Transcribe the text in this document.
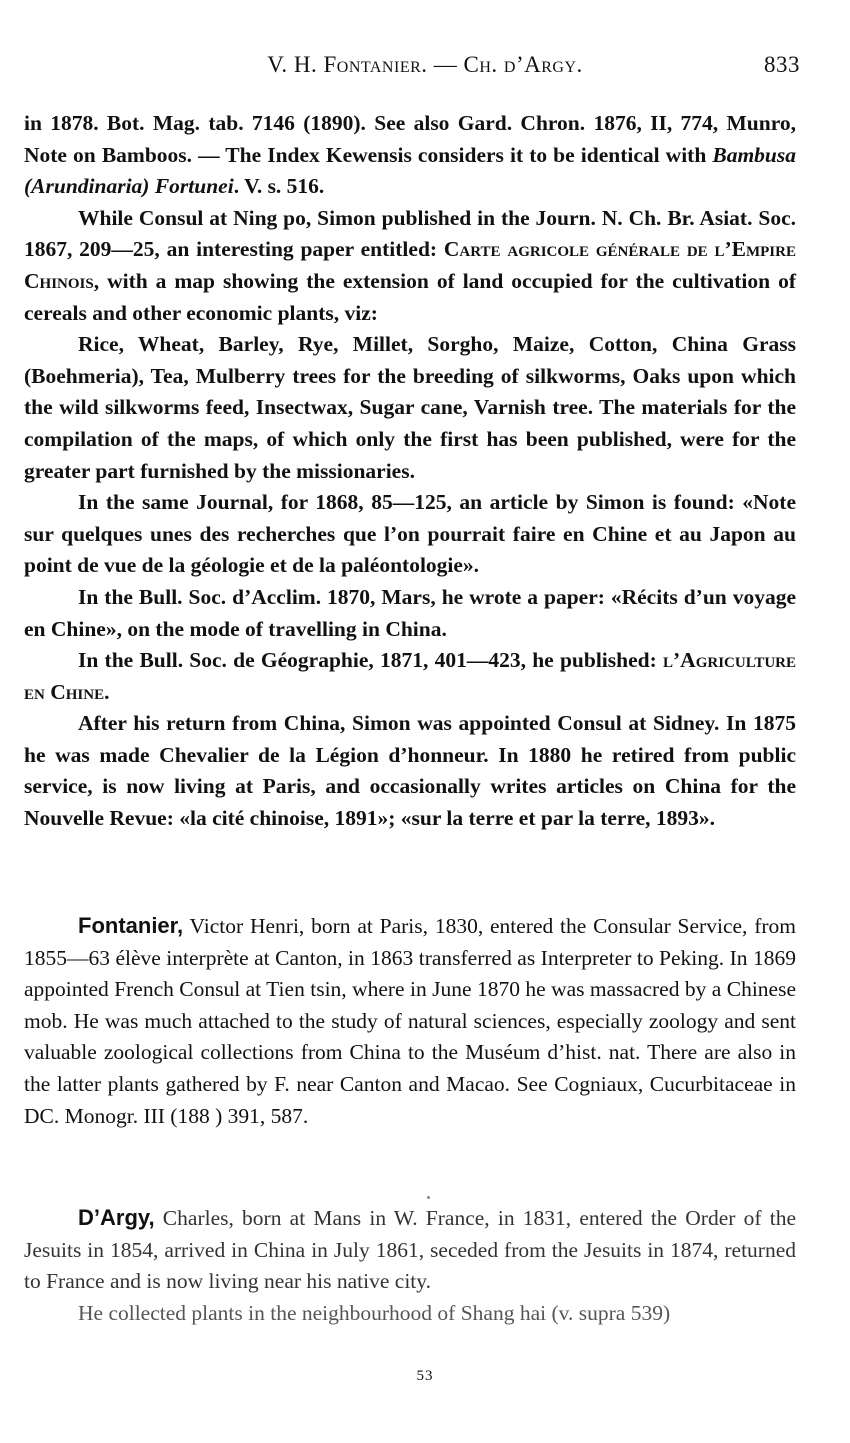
V. H. Fontanier. — Ch. d’Argy.	833

in 1878. Bot. Mag. tab. 7146 (1890). See also Gard. Chron. 1876, II, 774, Munro, Note on Bamboos. — The Index Kewensis considers it to be identical with Bambusa (Arundinaria) Fortunei. V. s. 516.

While Consul at Ning po, Simon published in the Journ. N. Ch. Br. Asiat. Soc. 1867, 209—25, an interesting paper entitled: Carte agricole générale de l’Empire Chinois, with a map showing the extension of land occupied for the cultivation of cereals and other economic plants, viz:

Rice, Wheat, Barley, Rye, Millet, Sorgho, Maize, Cotton, China Grass (Boehmeria), Tea, Mulberry trees for the breeding of silkworms, Oaks upon which the wild silkworms feed, Insectwax, Sugar cane, Varnish tree. The materials for the compilation of the maps, of which only the first has been published, were for the greater part furnished by the missionaries.

In the same Journal, for 1868, 85—125, an article by Simon is found: «Note sur quelques unes des recherches que l’on pourrait faire en Chine et au Japon au point de vue de la géologie et de la paléontologie».

In the Bull. Soc. d’Acclim. 1870, Mars, he wrote a paper: «Récits d’un voyage en Chine», on the mode of travelling in China.

In the Bull. Soc. de Géographie, 1871, 401—423, he published: l’Agriculture en Chine.

After his return from China, Simon was appointed Consul at Sidney. In 1875 he was made Chevalier de la Légion d’honneur. In 1880 he retired from public service, is now living at Paris, and occasionally writes articles on China for the Nouvelle Revue: «la cité chinoise, 1891»; «sur la terre et par la terre, 1893».

Fontanier, Victor Henri, born at Paris, 1830, entered the Consular Service, from 1855—63 élève interprète at Canton, in 1863 transferred as Interpreter to Peking. In 1869 appointed French Consul at Tien tsin, where in June 1870 he was massacred by a Chinese mob. He was much attached to the study of natural sciences, especially zoology and sent valuable zoological collections from China to the Muséum d’hist. nat. There are also in the latter plants gathered by F. near Canton and Macao. See Cogniaux, Cucurbitaceae in DC. Monogr. III (188 ) 391, 587.

D’Argy, Charles, born at Mans in W. France, in 1831, entered the Order of the Jesuits in 1854, arrived in China in July 1861, seceded from the Jesuits in 1874, returned to France and is now living near his native city.

He collected plants in the neighbourhood of Shang hai (v. supra 539)

53
